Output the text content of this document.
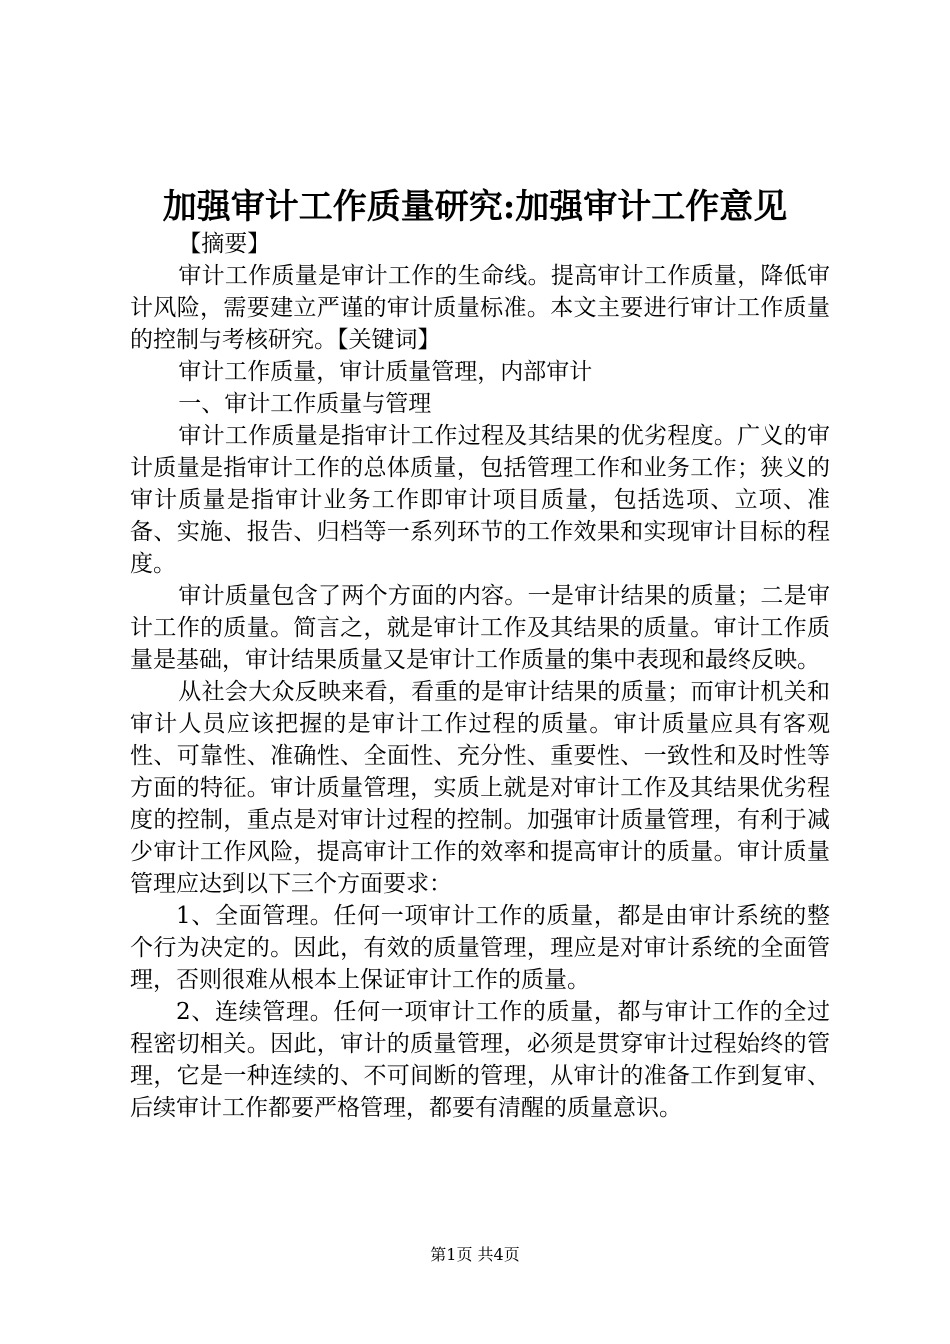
加强审计工作质量研究:加强审计工作意见

【摘要】

审计工作质量是审计工作的生命线。提高审计工作质量，降低审计风险，需要建立严谨的审计质量标准。本文主要进行审计工作质量的控制与考核研究。【关键词】

审计工作质量，审计质量管理，内部审计

一、审计工作质量与管理

审计工作质量是指审计工作过程及其结果的优劣程度。广义的审计质量是指审计工作的总体质量，包括管理工作和业务工作；狭义的审计质量是指审计业务工作即审计项目质量，包括选项、立项、准备、实施、报告、归档等一系列环节的工作效果和实现审计目标的程度。

审计质量包含了两个方面的内容。一是审计结果的质量；二是审计工作的质量。简言之，就是审计工作及其结果的质量。审计工作质量是基础，审计结果质量又是审计工作质量的集中表现和最终反映。

从社会大众反映来看，看重的是审计结果的质量；而审计机关和审计人员应该把握的是审计工作过程的质量。审计质量应具有客观性、可靠性、准确性、全面性、充分性、重要性、一致性和及时性等方面的特征。审计质量管理，实质上就是对审计工作及其结果优劣程度的控制，重点是对审计过程的控制。加强审计质量管理，有利于减少审计工作风险，提高审计工作的效率和提高审计的质量。审计质量管理应达到以下三个方面要求：

1、全面管理。任何一项审计工作的质量，都是由审计系统的整个行为决定的。因此，有效的质量管理，理应是对审计系统的全面管理，否则很难从根本上保证审计工作的质量。

2、连续管理。任何一项审计工作的质量，都与审计工作的全过程密切相关。因此，审计的质量管理，必须是贯穿审计过程始终的管理，它是一种连续的、不可间断的管理，从审计的准备工作到复审、后续审计工作都要严格管理，都要有清醒的质量意识。

第1页 共4页
